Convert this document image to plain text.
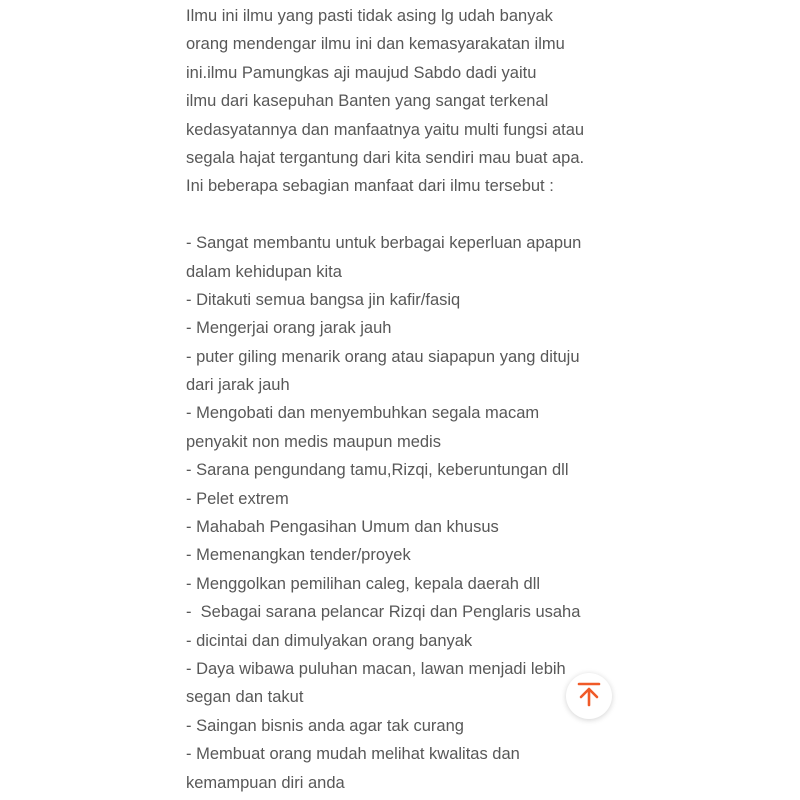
Ilmu ini ilmu yang pasti tidak asing lg udah banyak
orang mendengar ilmu ini dan kemasyarakatan ilmu
ini.ilmu Pamungkas aji maujud Sabdo dadi yaitu
ilmu dari kasepuhan Banten yang sangat terkenal
kedasyatannya dan manfaatnya yaitu multi fungsi atau
segala hajat tergantung dari kita sendiri mau buat apa.
Ini beberapa sebagian manfaat dari ilmu tersebut :
- Sangat membantu untuk berbagai keperluan apapun
dalam kehidupan kita
- Ditakuti semua bangsa jin kafir/fasiq
- Mengerjai orang jarak jauh
- puter giling menarik orang atau siapapun yang dituju
dari jarak jauh
- Mengobati dan menyembuhkan segala macam
penyakit non medis maupun medis
- Sarana pengundang tamu,Rizqi, keberuntungan dll
- Pelet extrem
- Mahabah Pengasihan Umum dan khusus
- Memenangkan tender/proyek
- Menggolkan pemilihan caleg, kepala daerah dll
-  Sebagai sarana pelancar Rizqi dan Penglaris usaha
- dicintai dan dimulyakan orang banyak
- Daya wibawa puluhan macan, lawan menjadi lebih
segan dan takut
- Saingan bisnis anda agar tak curang
- Membuat orang mudah melihat kwalitas dan
kemampuan diri anda
